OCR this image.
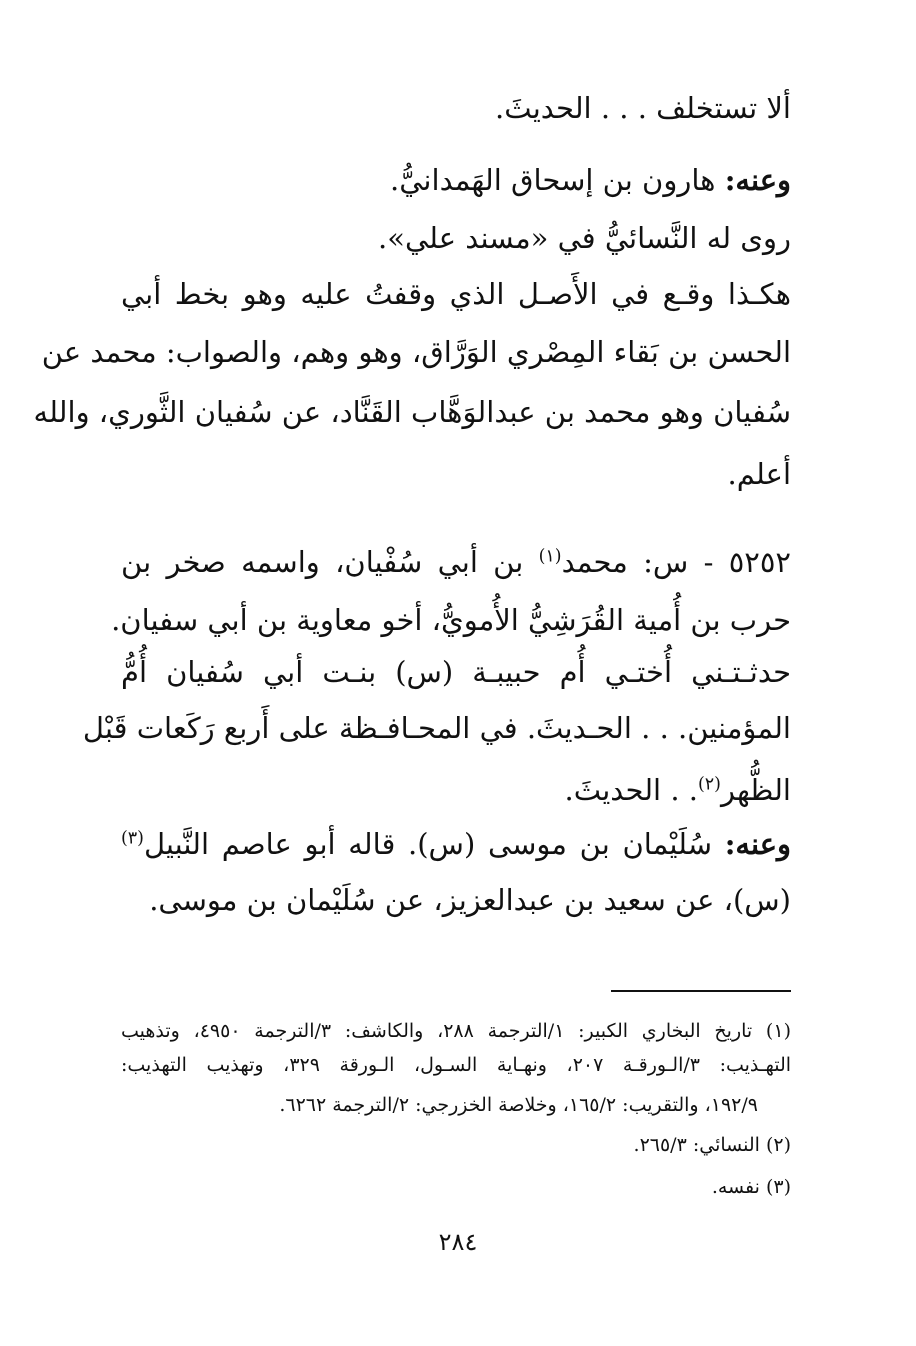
ألا تستخلف . . . الحديثَ.
وعنه: هارون بن إسحاق الهَمدانيُّ.
روى له النَّسائيُّ في «مسند علي».
هكـذا وقـع في الأَصـل الذي وقفتُ عليه وهو بخط أبي
الحسن بن بَقاء المِصْري الوَرَّاق، وهو وهم، والصواب: محمد عن
سُفيان وهو محمد بن عبدالوَهَّاب القَنَّاد، عن سُفيان الثَّوري، والله
أعلم.
٥٢٥٢ - س: محمد$^{(١)}$ بن أبي سُفْيان، واسمه صخر بن
حرب بن أُمية القُرَشِيُّ الأُمويُّ، أخو معاوية بن أبي سفيان.
حدثـتـني أُختـي أُم حبيبـة (س) بنـت أبي سُفيان أُمُّ
المؤمنين. . . الحـديثَ. في المحـافـظة على أَربع رَكَعات قَبْل
الظُّهر$^{(٢)}$. . الحديثَ.
وعنه: سُلَيْمان بن موسى (س). قاله أبو عاصم النَّبيل$^{(٣)}$
(س)، عن سعيد بن عبدالعزيز، عن سُلَيْمان بن موسى.
(١) تاريخ البخاري الكبير: ١/الترجمة ٢٨٨، والكاشف: ٣/الترجمة ٤٩٥٠، وتذهيب
التهـذيب: ٣/الـورقـة ٢٠٧، ونهـاية السـول، الـورقة ٣٢٩، وتهذيب التهذيب:
١٩٢/٩، والتقريب: ١٦٥/٢، وخلاصة الخزرجي: ٢/الترجمة ٦٢٦٢.
(٢) النسائي: ٢٦٥/٣.
(٣) نفسه.
٢٨٤
